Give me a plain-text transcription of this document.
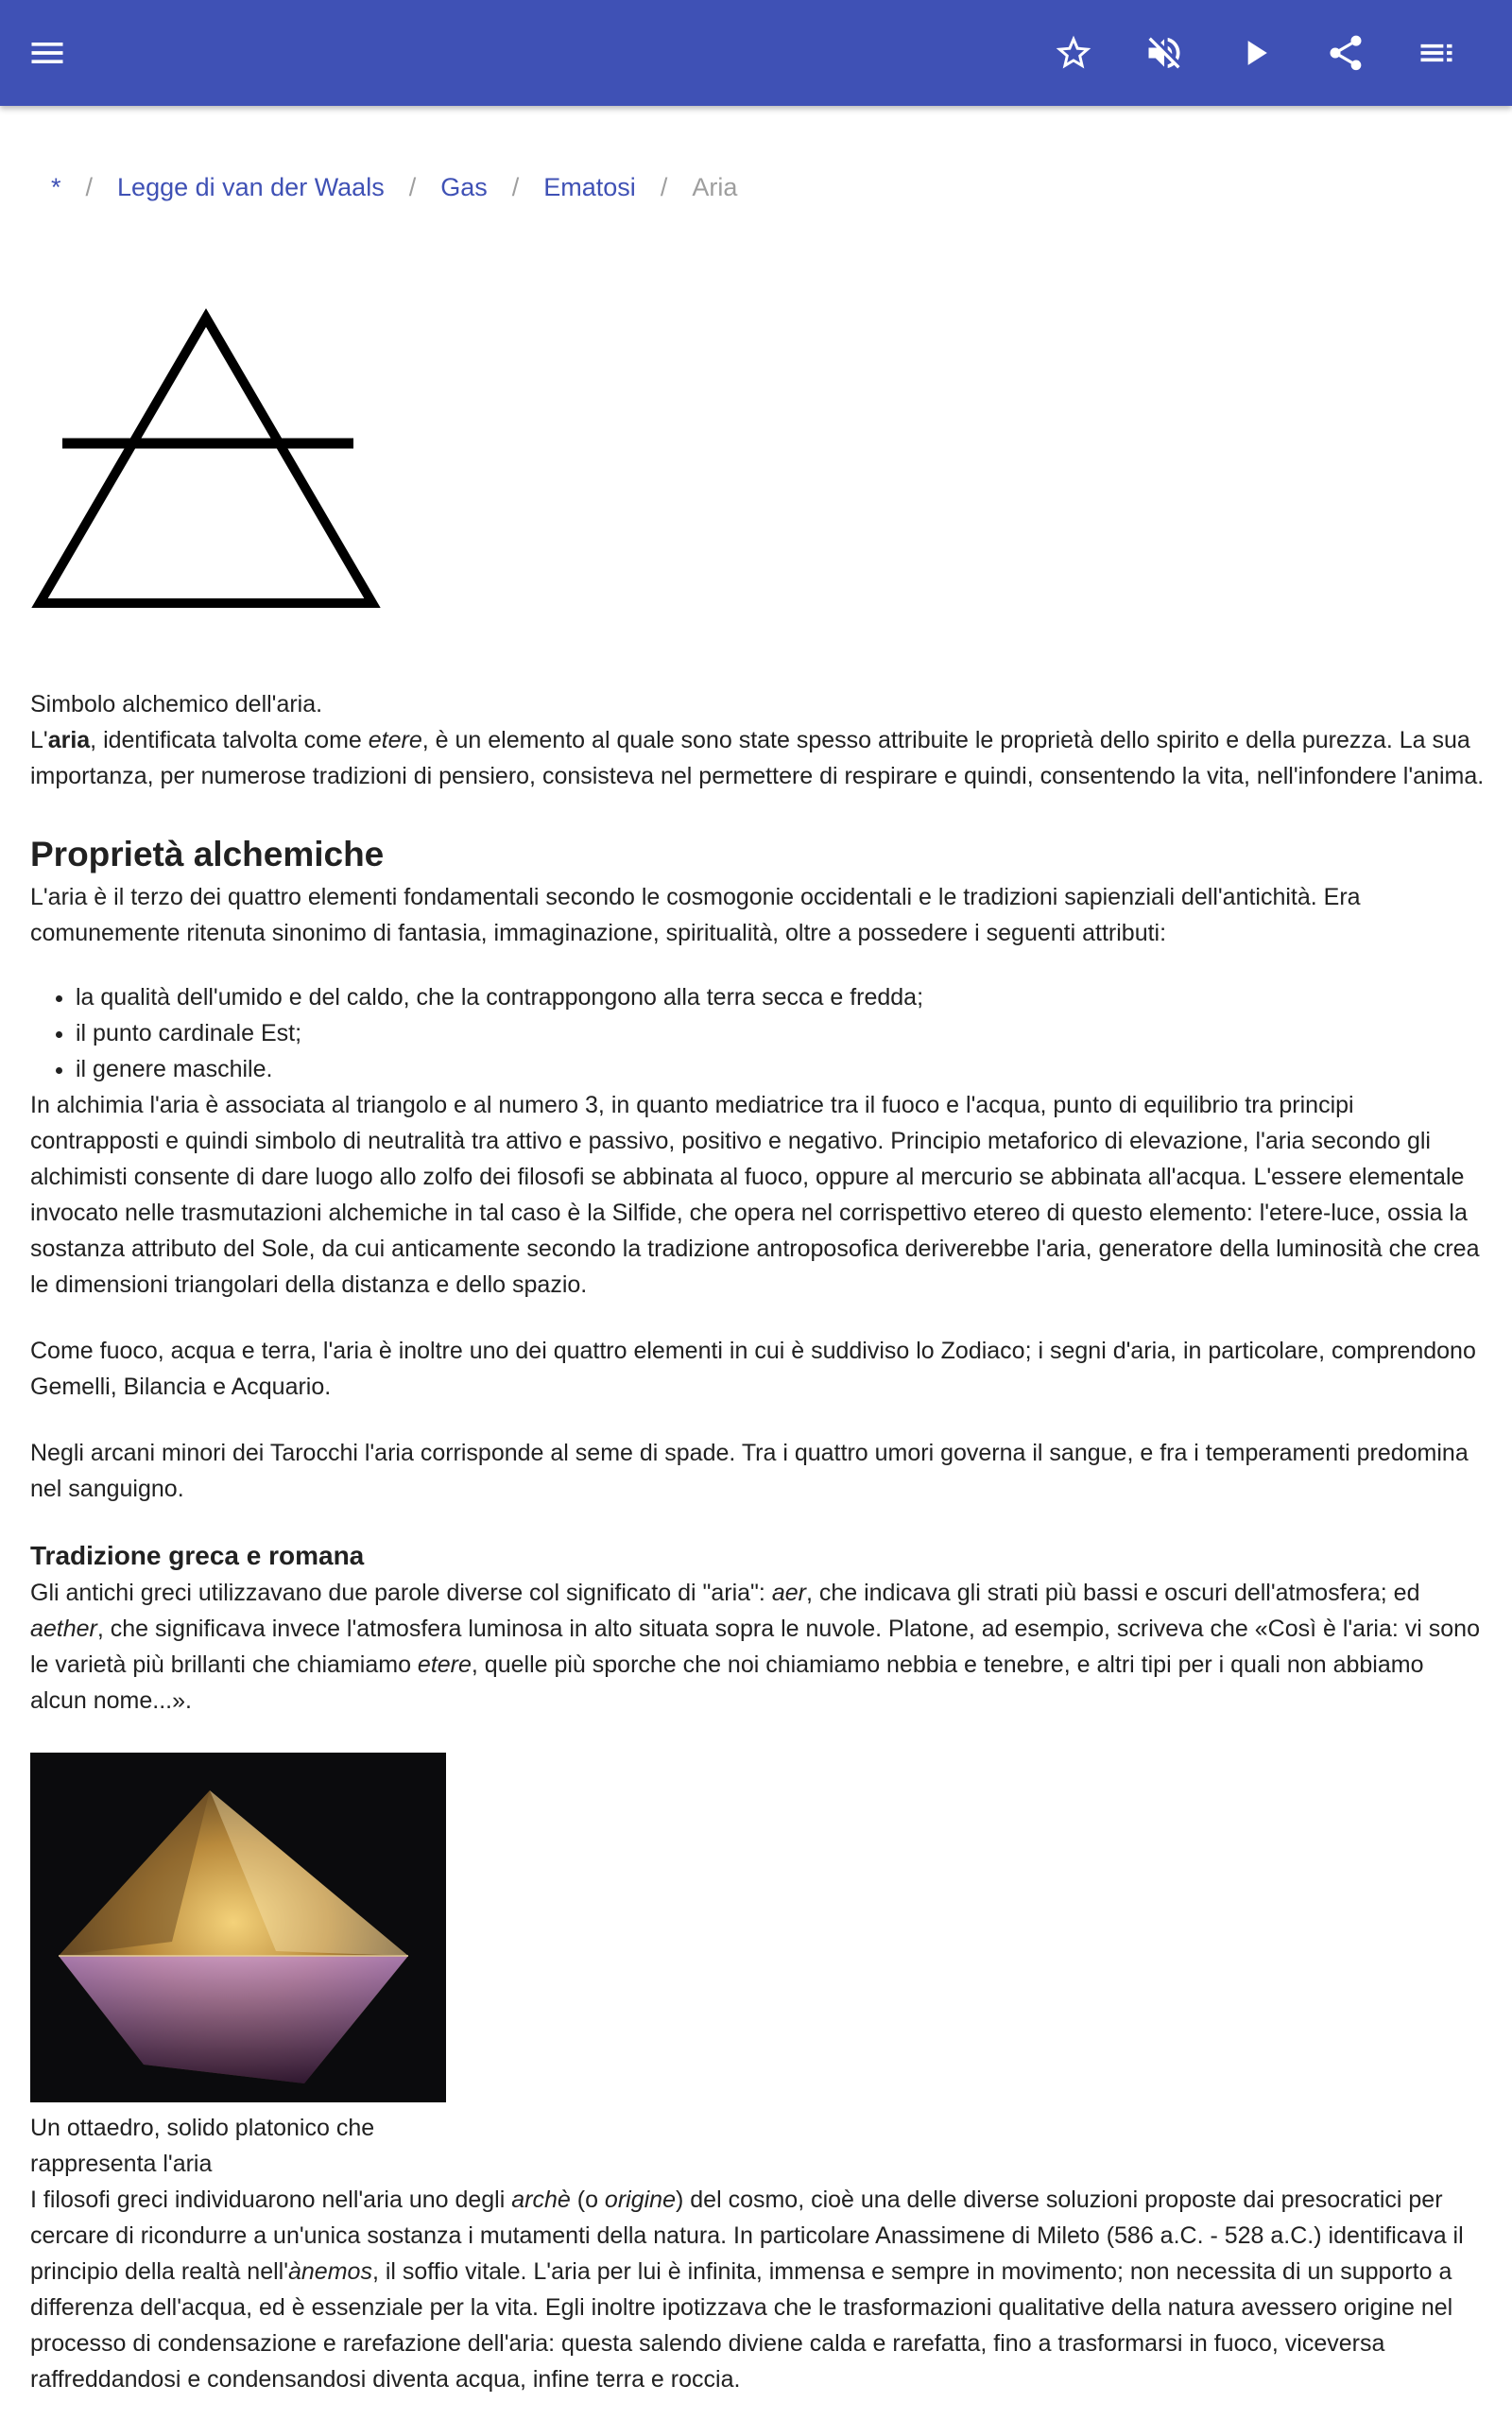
* / Legge di van der Waals / Gas / Ematosi / Aria

Simbolo alchemico dell'aria.

L'aria, identificata talvolta come etere, è un elemento al quale sono state spesso attribuite le proprietà dello spirito e della purezza. La sua importanza, per numerose tradizioni di pensiero, consisteva nel permettere di respirare e quindi, consentendo la vita, nell'infondere l'anima.

Proprietà alchemiche

L'aria è il terzo dei quattro elementi fondamentali secondo le cosmogonie occidentali e le tradizioni sapienziali dell'antichità. Era comunemente ritenuta sinonimo di fantasia, immaginazione, spiritualità, oltre a possedere i seguenti attributi:

• la qualità dell'umido e del caldo, che la contrappongono alla terra secca e fredda;
• il punto cardinale Est;
• il genere maschile.

In alchimia l'aria è associata al triangolo e al numero 3, in quanto mediatrice tra il fuoco e l'acqua, punto di equilibrio tra principi contrapposti e quindi simbolo di neutralità tra attivo e passivo, positivo e negativo. Principio metaforico di elevazione, l'aria secondo gli alchimisti consente di dare luogo allo zolfo dei filosofi se abbinata al fuoco, oppure al mercurio se abbinata all'acqua. L'essere elementale invocato nelle trasmutazioni alchemiche in tal caso è la Silfide, che opera nel corrispettivo etereo di questo elemento: l'etere-luce, ossia la sostanza attributo del Sole, da cui anticamente secondo la tradizione antroposofica deriverebbe l'aria, generatore della luminosità che crea le dimensioni triangolari della distanza e dello spazio.

Come fuoco, acqua e terra, l'aria è inoltre uno dei quattro elementi in cui è suddiviso lo Zodiaco; i segni d'aria, in particolare, comprendono Gemelli, Bilancia e Acquario.

Negli arcani minori dei Tarocchi l'aria corrisponde al seme di spade. Tra i quattro umori governa il sangue, e fra i temperamenti predomina nel sanguigno.

Tradizione greca e romana

Gli antichi greci utilizzavano due parole diverse col significato di "aria": aer, che indicava gli strati più bassi e oscuri dell'atmosfera; ed aether, che significava invece l'atmosfera luminosa in alto situata sopra le nuvole. Platone, ad esempio, scriveva che «Così è l'aria: vi sono le varietà più brillanti che chiamiamo etere, quelle più sporche che noi chiamiamo nebbia e tenebre, e altri tipi per i quali non abbiamo alcun nome...».

Un ottaedro, solido platonico che rappresenta l'aria

I filosofi greci individuarono nell'aria uno degli archè (o origine) del cosmo, cioè una delle diverse soluzioni proposte dai presocratici per cercare di ricondurre a un'unica sostanza i mutamenti della natura. In particolare Anassimene di Mileto (586 a.C. - 528 a.C.) identificava il principio della realtà nell'ànemos, il soffio vitale. L'aria per lui è infinita, immensa e sempre in movimento; non necessita di un supporto a differenza dell'acqua, ed è essenziale per la vita. Egli inoltre ipotizzava che le trasformazioni qualitative della natura avessero origine nel processo di condensazione e rarefazione dell'aria: questa salendo diviene calda e rarefatta, fino a trasformarsi in fuoco, viceversa raffreddandosi e condensandosi diventa acqua, infine terra e roccia.
